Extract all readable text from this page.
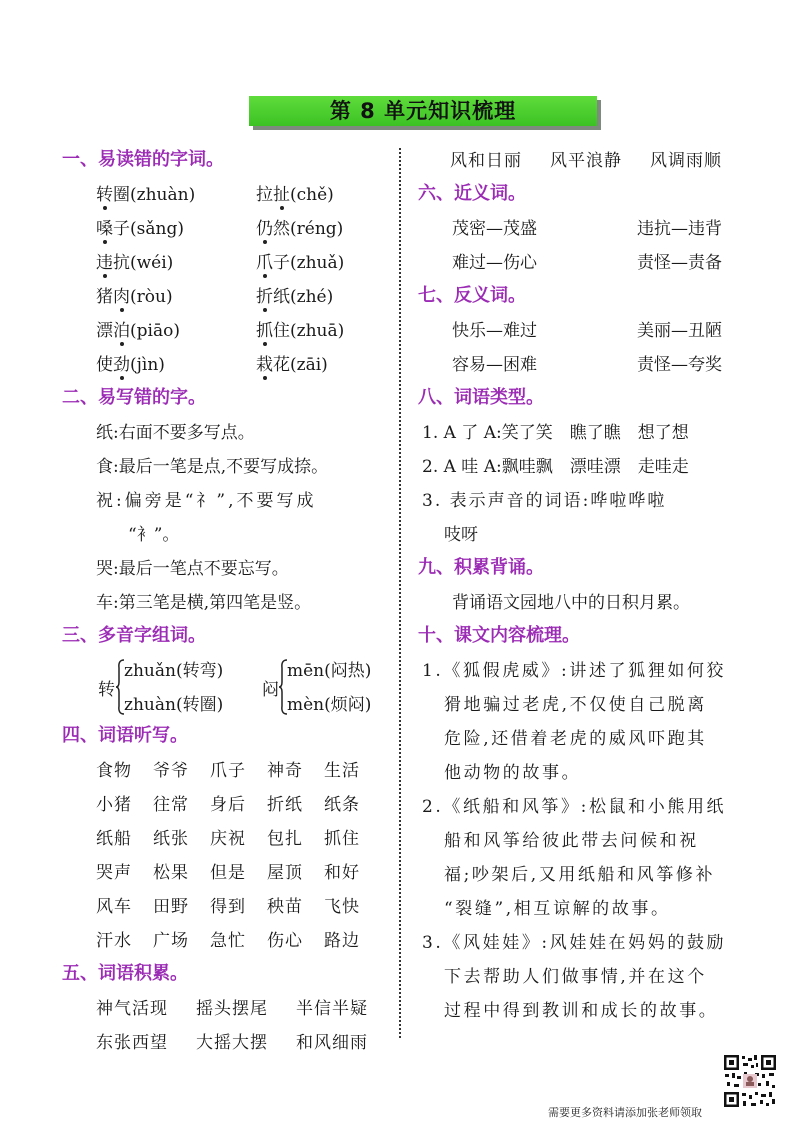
第 8 单元知识梳理
一、易读错的字词。
转圈(zhuàn)	拉扯(chě)
嗓子(sǎng)	仍然(réng)
违抗(wéi)	爪子(zhuǎ)
猪肉(ròu)	折纸(zhé)
漂泊(piāo)	抓住(zhuā)
使劲(jìn)	栽花(zāi)
二、易写错的字。
纸:右面不要多写点。
食:最后一笔是点,不要写成捺。
祝:偏旁是“礻”,不要写成
“衤”。
哭:最后一笔点不要忘写。
车:第三笔是横,第四笔是竖。
三、多音字组词。
转
zhuǎn(转弯)
zhuàn(转圈)
闷
mēn(闷热)
mèn(烦闷)
四、词语听写。
食物 爷爷 爪子 神奇 生活
小猪 往常 身后 折纸 纸条
纸船 纸张 庆祝 包扎 抓住
哭声 松果 但是 屋顶 和好
风车 田野 得到 秧苗 飞快
汗水 广场 急忙 伤心 路边
五、词语积累。
神气活现 摇头摆尾 半信半疑
东张西望 大摇大摆 和风细雨
风和日丽 风平浪静 风调雨顺
六、近义词。
茂密—茂盛	违抗—违背
难过—伤心	责怪—责备
七、反义词。
快乐—难过	美丽—丑陋
容易—困难	责怪—夸奖
八、词语类型。
1. A 了 A:笑了笑　瞧了瞧　想了想
2. A 哇 A:飘哇飘　漂哇漂　走哇走
3. 表示声音的词语:哗啦哗啦
吱呀
九、积累背诵。
背诵语文园地八中的日积月累。
十、课文内容梳理。
1.《狐假虎威》:讲述了狐狸如何狡
猾地骗过老虎,不仅使自己脱离
危险,还借着老虎的威风吓跑其
他动物的故事。
2.《纸船和风筝》:松鼠和小熊用纸
船和风筝给彼此带去问候和祝
福;吵架后,又用纸船和风筝修补
“裂缝”,相互谅解的故事。
3.《风娃娃》:风娃娃在妈妈的鼓励
下去帮助人们做事情,并在这个
过程中得到教训和成长的故事。
需要更多资料请添加张老师领取
